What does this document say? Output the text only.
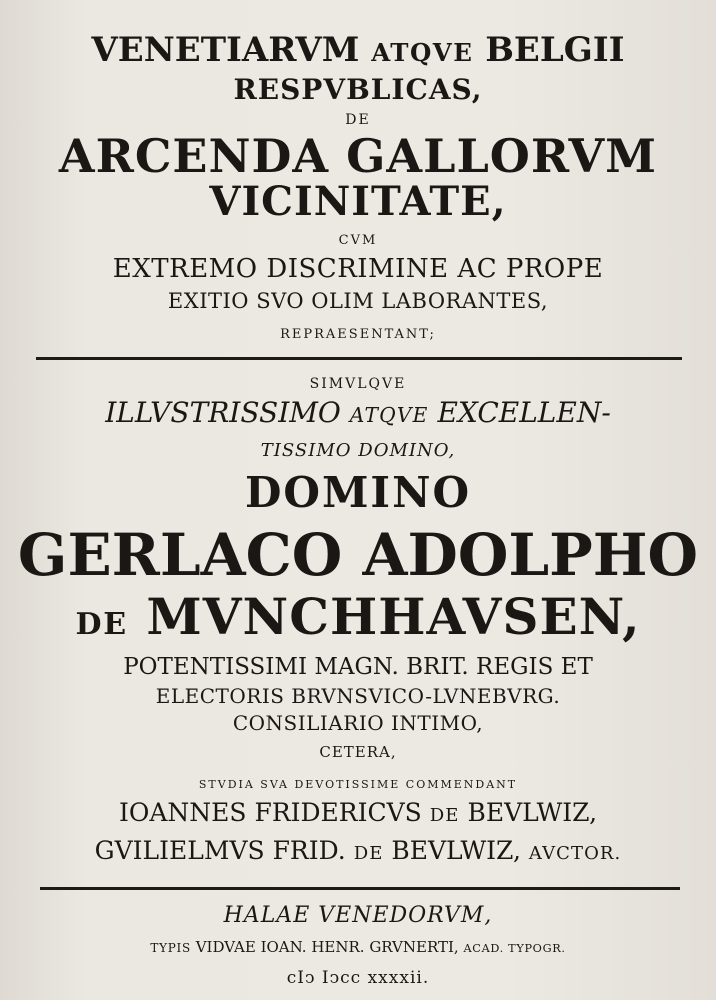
VENETIARVM ATQVE BELGII
RESPVBLICAS,
DE
ARCENDA GALLORVM
VICINITATE,
CVM
EXTREMO DISCRIMINE AC PROPE
EXITIO SVO OLIM LABORANTES,
REPRAESENTANT;
SIMVLQVE
ILLVSTRISSIMO ATQVE EXCELLEN-
TISSIMO DOMINO,
DOMINO
GERLACO ADOLPHO
DE MVNCHHAVSEN,
POTENTISSIMI MAGN. BRIT. REGIS ET
ELECTORIS BRVNSVICO-LVNEBVRG.
CONSILIARIO INTIMO,
CETERA,
STVDIA SVA DEVOTISSIME COMMENDANT
IOANNES FRIDERICVS DE BEVLWIZ,
GVILIELMVS FRID. DE BEVLWIZ, AVCTOR.
HALAE VENEDORVM,
TYPIS VIDVAE IOAN. HENR. GRVNERTI, ACAD. TYPOGR.
cIↄ Iↄcc xxxxii.
